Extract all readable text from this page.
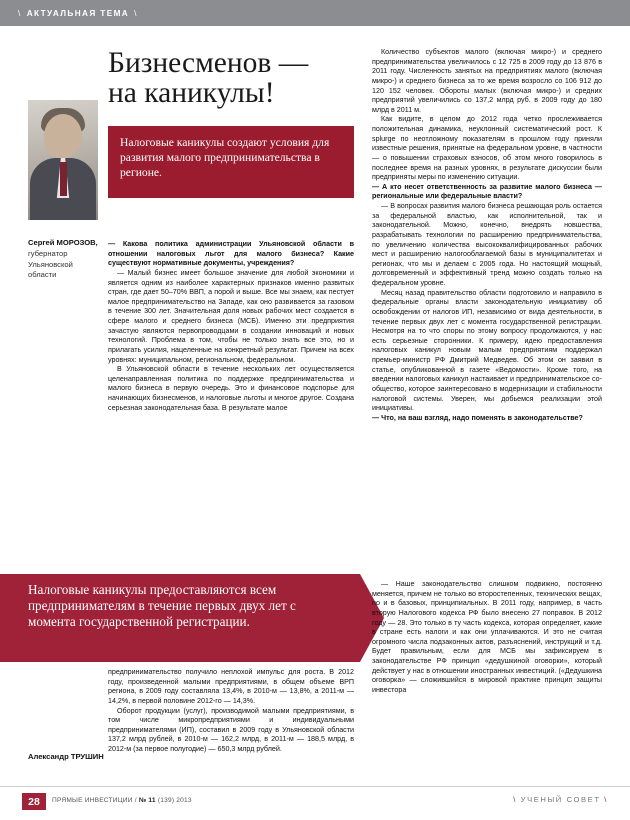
\ АКТУАЛЬНАЯ ТЕМА \
Бизнесменов —
на каникулы!
Налоговые каникулы создают условия для развития малого предпринимательства в регионе.
Сергей МОРОЗОВ,
губернатор Ульяновской области
Александр ТРУШИН

— Какова политика администрации Ульяновской области в отношении налоговых льгот для малого бизнеса? Какие существуют нормативные документы, учреждения?

— Малый бизнес имеет большое значение для любой экономики и является одним из наиболее характерных признаков именно развитых стран, где дает 50–70% ВВП, а порой и выше. Все мы знаем, как пестует малое предпринимательство на Западе, как оно развивается за газовом в течение 300 лет. Значительная доля новых рабочих мест создается в сфере малого и среднего бизнеса (МСБ). Именно эти предприятия зачастую являются первопроводцами в создании инноваций и новых технологий. Проблема в том, чтобы не только знать все это, но и прилагать усилия, нацеленные на конкретный результат. Причем на всех уровнях: муниципальном, региональном, федеральном.

В Ульяновской области в течение нескольких лет осуществляется целенаправленная политика по поддержке предпринимательства и малого бизнеса в первую очередь. Это и финансовое подспорье для начинающих бизнесменов, и налоговые льготы и многое другое. Создана серьезная законодательная база. В результате малое

Количество субъектов малого (включая микро-) и среднего предпринимательства увеличилось с 12 725 в 2009 году до 13 876 в 2011 году. Численность занятых на предприятиях малого (включая микро-) и среднего бизнеса за то же время возросло со 106 912 до 120 152 человек. Обороты малых (включая микро-) и средних предприятий увеличились со 137,2 млрд руб. в 2009 году до 180 млрд в 2011 м.

Как видите, в целом до 2012 года четко прослеживается положительная динамика, неуклонный систематический рост. К splurge по неотложному показателям в прошлом году приняли известные решения, принятые на федеральном уровне, в частности — о повышении страховых взносов, об этом много говорилось в последнее время на разных уровнях, в результате дискуссии были предприняты меры по изменению ситуации.

— А кто несет ответственность за развитие малого бизнеса — региональные или федеральные власти?

— В вопросах развития малого бизнеса решающая роль остается за федеральной властью, как исполнительной, так и законодательной. Можно, конечно, внедрять новшества, разрабатывать технологии по расширению предпринимательства, по увеличению количества высококвалифицированных рабочих мест и расширению налогооблагаемой базы в муниципалитетах и регионах, что мы и делаем с 2005 года. Но настоящий мощный, долговременный и эффективный тренд можно создать только на федеральном уровне.

Месяц назад правительство области подготовило и направило в федеральные органы власти законодательную инициативу об освобождении от налогов ИП, независимо от вида деятельности, в течение первых двух лет с момента государственной регистрации. Несмотря на то что споры по этому вопросу продолжаются, у нас есть серьезные сторонники. К примеру, идею предоставления налоговых каникул новым малым предприятиям поддержал премьер-министр РФ Дмитрий Медведев. Об этом он заявил в статье, опубликованной в газете «Ведомости». Кроме того, на введении налоговых каникул настаивает и предпринимательское сообщество, которое заинтересовано в модернизации и стабильности налоговой системы. Уверен, мы добьемся реализации этой инициативы.

— Что, на ваш взгляд, надо поменять в законодательстве?

Налоговые каникулы предоставляются всем предпринимателям в течение первых двух лет с момента государственной регистрации.

предпринимательство получило неплохой импульс для роста. В 2012 году, произведенной малыми предприятиями, в общем объеме ВРП региона, в 2009 году составляла 13,4%, в 2010-м — 13,8%, а 2011-м — 14,2%, в первой половине 2012-го — 14,3%.

Оборот продукции (услуг), производимой малыми предприятиями, в том числе микропредприятиями и индивидуальными предпринимателями (ИП), составил в 2009 году в Ульяновской области 137,2 млрд рублей, в 2010-м — 162,2 млрд, в 2011-м — 188,5 млрд, в 2012-м (за первое полугодие) — 650,3 млрд рублей.

— Наше законодательство слишком подвижно, постоянно меняется, причем не только во второстепенных, технических вещах, но и в базовых, принципиальных. В 2011 году, например, в часть вторую Налогового кодекса РФ было внесено 27 поправок. В 2012 году — 28. Это только в ту часть кодекса, которая определяет, какие в стране есть налоги и как они уплачиваются. И это не считая огромного числа подзаконных актов, разъяснений, инструкций и т.д. Будет правильным, если для МСБ мы зафиксируем в законодательстве РФ принцип «дедушкиной оговорки», который действует у нас в отношении иностранных инвестиций. («Дедушкина оговорка» — сложившийся в мировой практике принцип защиты инвестора

28	ПРЯМЫЕ ИНВЕСТИЦИИ / № 11 (139) 2013	\ УЧЕНЫЙ СОВЕТ \
